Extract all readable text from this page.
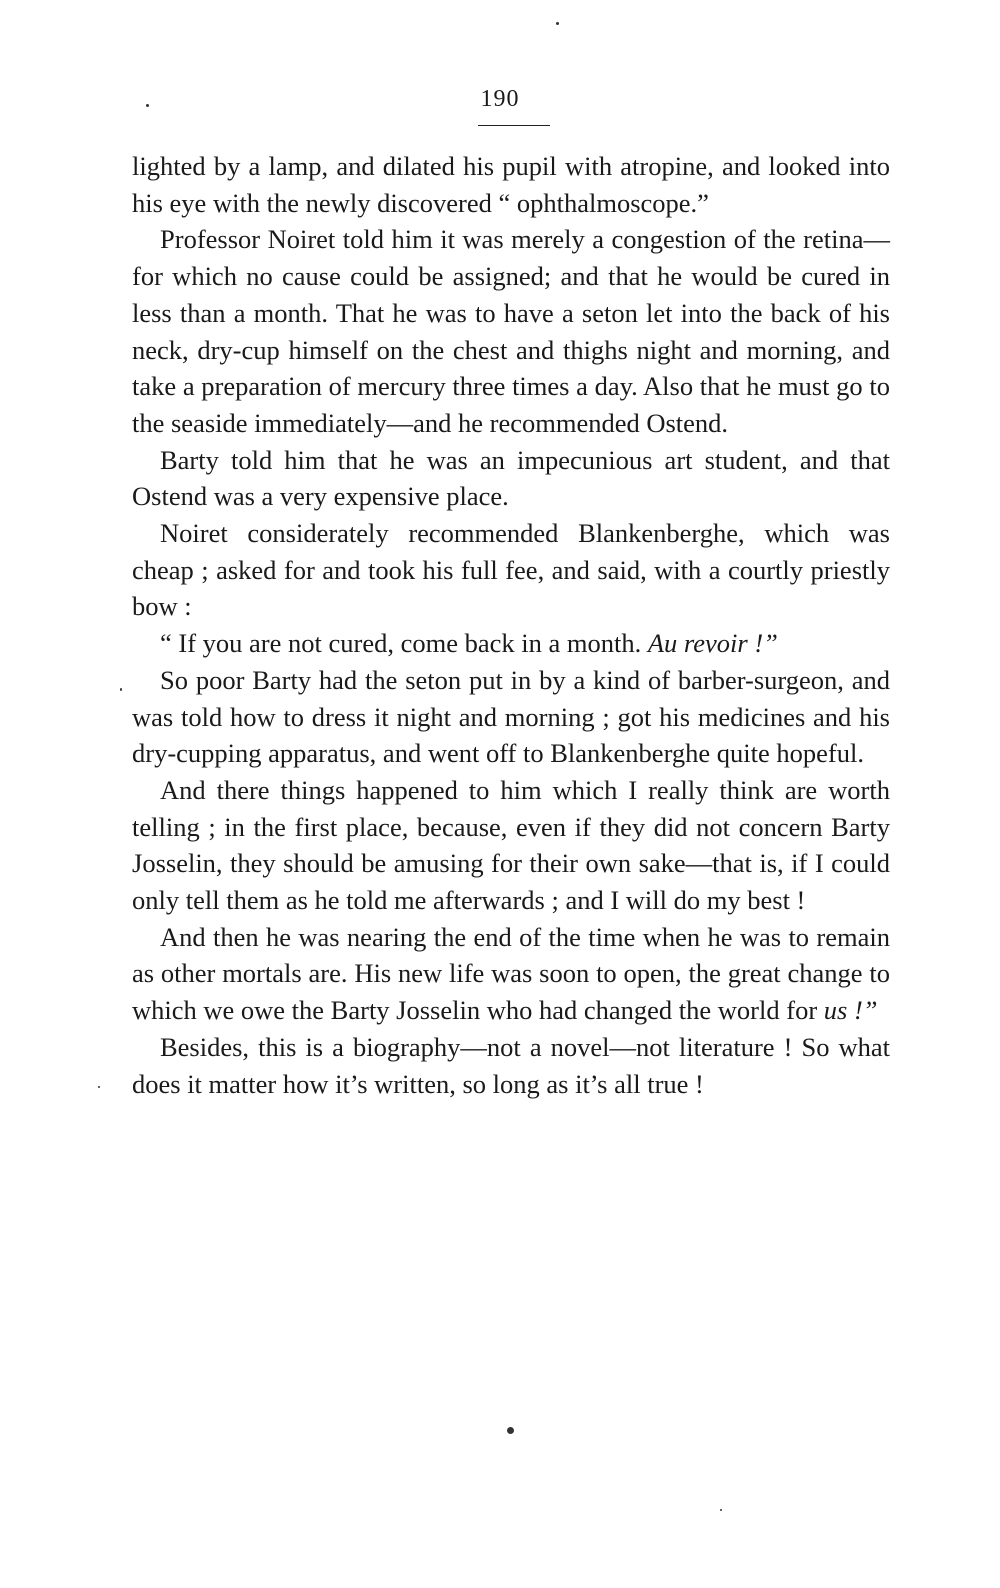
190

lighted by a lamp, and dilated his pupil with atropine, and looked into his eye with the newly discovered “ ophthalmoscope.”

Professor Noiret told him it was merely a congestion of the retina—for which no cause could be assigned; and that he would be cured in less than a month. That he was to have a seton let into the back of his neck, dry-cup himself on the chest and thighs night and morning, and take a preparation of mercury three times a day. Also that he must go to the seaside immediately—and he recommended Ostend.

Barty told him that he was an impecunious art student, and that Ostend was a very expensive place.

Noiret considerately recommended Blankenberghe, which was cheap ; asked for and took his full fee, and said, with a courtly priestly bow :

“ If you are not cured, come back in a month. Au revoir !”

So poor Barty had the seton put in by a kind of barber-surgeon, and was told how to dress it night and morning ; got his medicines and his dry-cupping apparatus, and went off to Blankenberghe quite hopeful.

And there things happened to him which I really think are worth telling ; in the first place, because, even if they did not concern Barty Josselin, they should be amusing for their own sake—that is, if I could only tell them as he told me afterwards ; and I will do my best !

And then he was nearing the end of the time when he was to remain as other mortals are. His new life was soon to open, the great change to which we owe the Barty Josselin who had changed the world for us !”

Besides, this is a biography—not a novel—not literature ! So what does it matter how it’s written, so long as it’s all true !
